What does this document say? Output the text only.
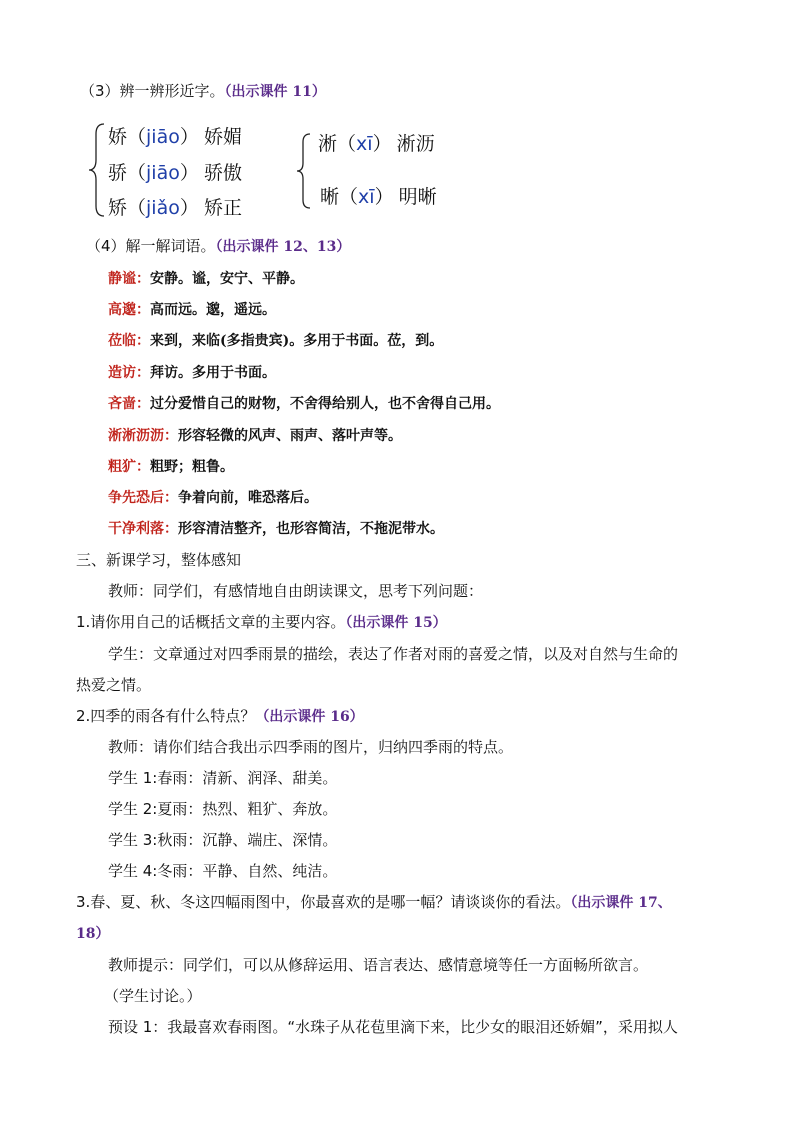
（3）辨一辨形近字。（出示课件 11）
娇（jiāo） 娇媚
骄（jiāo） 骄傲
矫（jiǎo） 矫正
淅（xī） 淅沥
晰（xī） 明晰
（4）解一解词语。（出示课件 12、13）
静谧：安静。谧，安宁、平静。
高邈：高而远。邈，遥远。
莅临：来到，来临(多指贵宾)。多用于书面。莅，到。
造访：拜访。多用于书面。
吝啬：过分爱惜自己的财物，不舍得给别人，也不舍得自己用。
淅淅沥沥：形容轻微的风声、雨声、落叶声等。
粗犷：粗野；粗鲁。
争先恐后：争着向前，唯恐落后。
干净利落：形容清洁整齐，也形容简洁，不拖泥带水。
三、新课学习，整体感知
教师：同学们，有感情地自由朗读课文，思考下列问题：
1.请你用自己的话概括文章的主要内容。（出示课件 15）
学生：文章通过对四季雨景的描绘，表达了作者对雨的喜爱之情，以及对自然与生命的
热爱之情。
2.四季的雨各有什么特点？（出示课件 16）
教师：请你们结合我出示四季雨的图片，归纳四季雨的特点。
学生 1:春雨：清新、润泽、甜美。
学生 2:夏雨：热烈、粗犷、奔放。
学生 3:秋雨：沉静、端庄、深情。
学生 4:冬雨：平静、自然、纯洁。
3.春、夏、秋、冬这四幅雨图中，你最喜欢的是哪一幅？请谈谈你的看法。（出示课件 17、
18）
教师提示：同学们，可以从修辞运用、语言表达、感情意境等任一方面畅所欲言。
（学生讨论。）
预设 1：我最喜欢春雨图。“水珠子从花苞里滴下来，比少女的眼泪还娇媚”，采用拟人
